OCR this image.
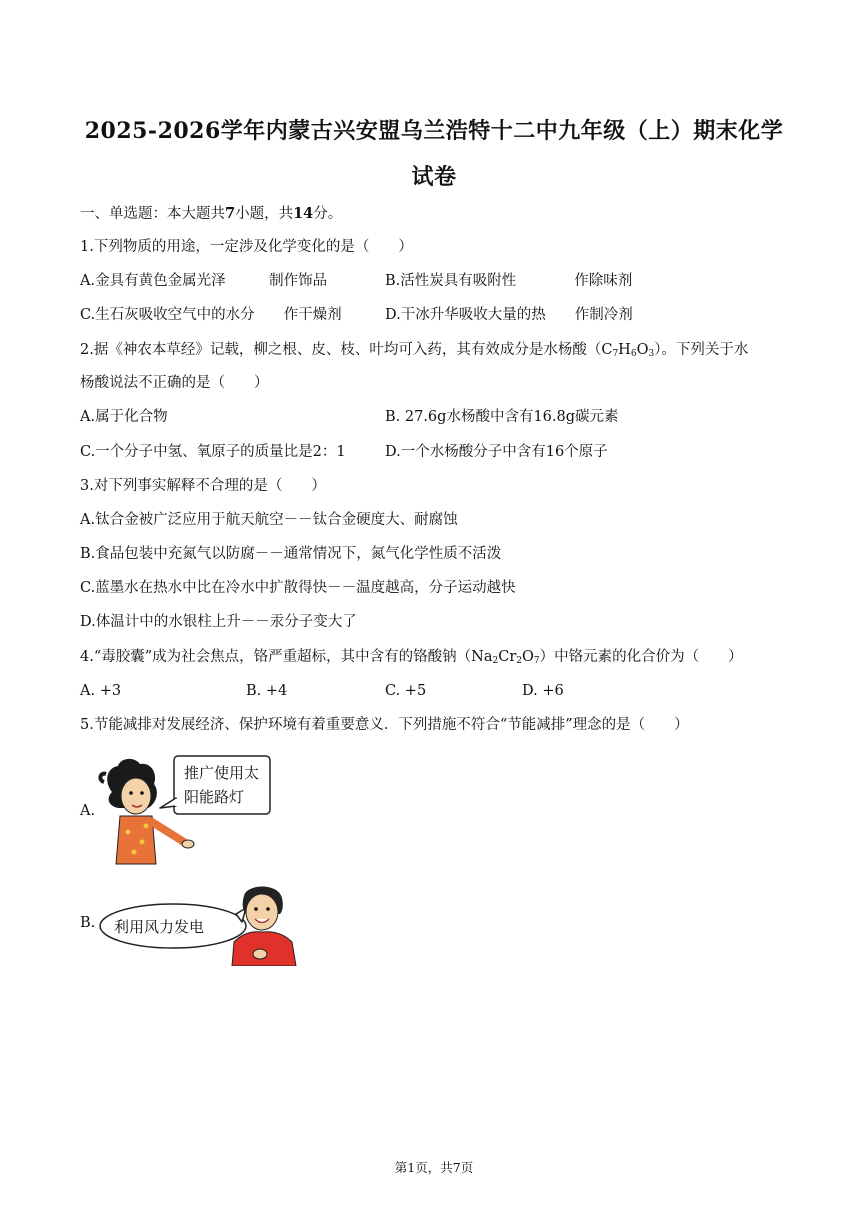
2025-2026学年内蒙古兴安盟乌兰浩特十二中九年级（上）期末化学
试卷
一、单选题：本大题共7小题，共14分。
1.下列物质的用途，一定涉及化学变化的是（　　）
A.金具有黄色金属光泽　　　制作饰品	B.活性炭具有吸附性　　　　作除味剂
C.生石灰吸收空气中的水分　　作干燥剂	D.干冰升华吸收大量的热　　作制冷剂
2.据《神农本草经》记载，柳之根、皮、枝、叶均可入药，其有效成分是水杨酸$(C_7H_6O_3)$。下列关于水
杨酸说法不正确的是（　　）
A.属于化合物	B. 27.6g水杨酸中含有16.8g碳元素
C.一个分子中氢、氧原子的质量比是2：1	D.一个水杨酸分子中含有16个原子
3.对下列事实解释不合理的是（　　）
A.钛合金被广泛应用于航天航空－－钛合金硬度大、耐腐蚀
B.食品包装中充氮气以防腐－－通常情况下，氮气化学性质不活泼
C.蓝墨水在热水中比在冷水中扩散得快－－温度越高，分子运动越快
D.体温计中的水银柱上升－－汞分子变大了
4.“毒胶囊”成为社会焦点，铬严重超标，其中含有的铬酸钠$(Na_2Cr_2O_7)$中铬元素的化合价为（　　）
A. +3	B. +4	C. +5	D. +6
5.节能减排对发展经济、保护环境有着重要意义．下列措施不符合“节能减排”理念的是（　　）
A.
推广使用太
阳能路灯
B. 利用风力发电
第1页，共7页
